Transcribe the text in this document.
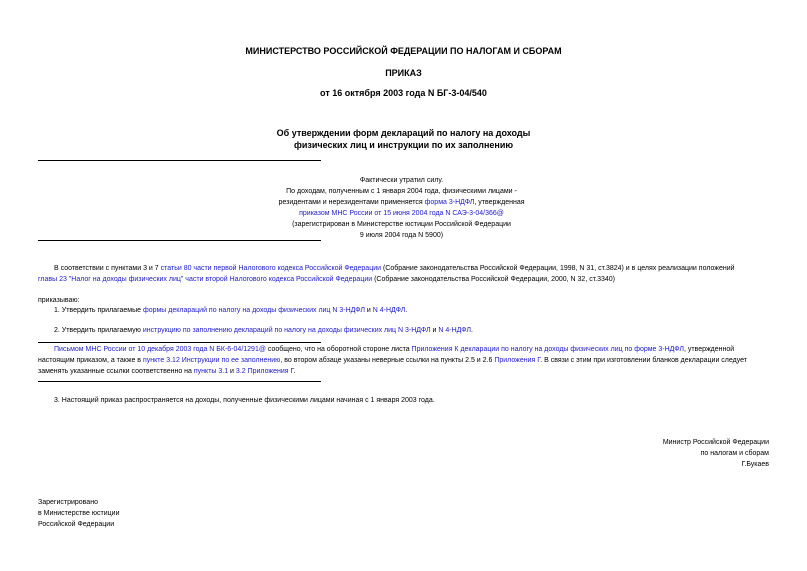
МИНИСТЕРСТВО РОССИЙСКОЙ ФЕДЕРАЦИИ ПО НАЛОГАМ И СБОРАМ
ПРИКАЗ
от 16 октября 2003 года N БГ-3-04/540
Об утверждении форм деклараций по налогу на доходы
физических лиц и инструкции по их заполнению
Фактически утратил силу.
По доходам, полученным с 1 января 2004 года, физическими лицами -
резидентами и нерезидентами применяется форма 3-НДФЛ, утвержденная
приказом МНС России от 15 июня 2004 года N САЭ-3-04/366@
(зарегистрирован в Министерстве юстиции Российской Федерации
9 июля 2004 года N 5900)
В соответствии с пунктами 3 и 7 статьи 80 части первой Налогового кодекса Российской Федерации (Собрание законодательства Российской Федерации, 1998, N 31, ст.3824) и в целях реализации положений
главы 23 "Налог на доходы физических лиц" части второй Налогового кодекса Российской Федерации (Собрание законодательства Российской Федерации, 2000, N 32, ст.3340)
приказываю:
1. Утвердить прилагаемые формы деклараций по налогу на доходы физических лиц N 3-НДФЛ и N 4-НДФЛ.
2. Утвердить прилагаемую инструкцию по заполнению деклараций по налогу на доходы физических лиц N 3-НДФЛ и N 4-НДФЛ.
Письмом МНС России от 10 декабря 2003 года N БК-6-04/1291@ сообщено, что на оборотной стороне листа Приложения К декларации по налогу на доходы физических лиц по форме 3-НДФЛ, утвержденной
настоящим приказом, а также в пункте 3.12 Инструкции по ее заполнению, во втором абзаце указаны неверные ссылки на пункты 2.5 и 2.6 Приложения Г. В связи с этим при изготовлении бланков декларации следует
заменять указанные ссылки соответственно на пункты 3.1 и 3.2 Приложения Г.
3. Настоящий приказ распространяется на доходы, полученные физическими лицами начиная с 1 января 2003 года.
Министр Российской Федерации
по налогам и сборам
Г.Букаев
Зарегистрировано
в Министерстве юстиции
Российской Федерации
